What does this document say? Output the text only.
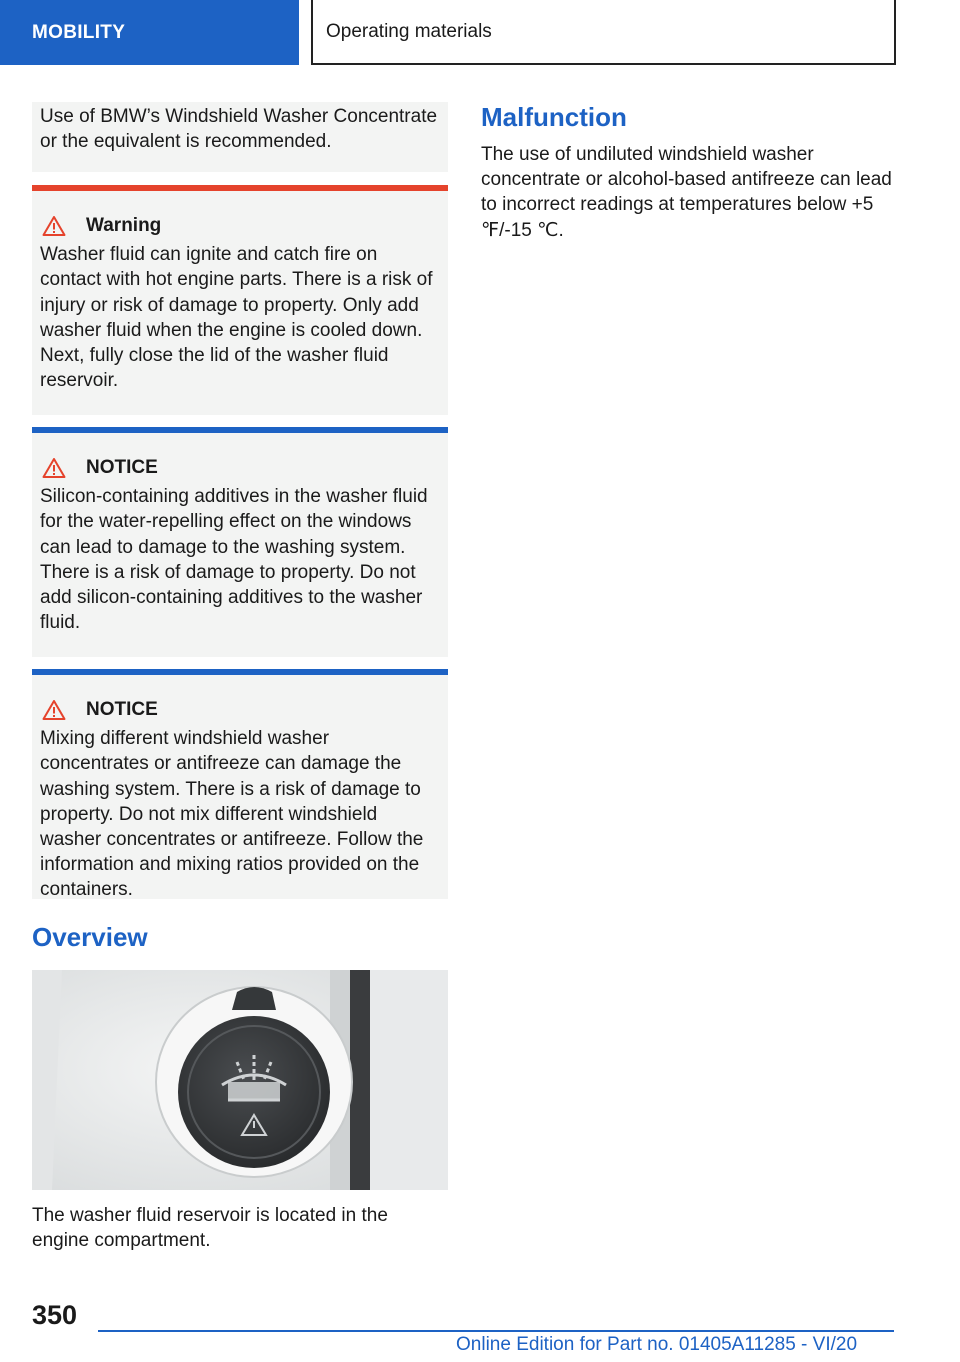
MOBILITY	Operating materials
Use of BMW’s Windshield Washer Concentrate or the equivalent is recommended.
Warning
Washer fluid can ignite and catch fire on contact with hot engine parts. There is a risk of injury or risk of damage to property. Only add washer fluid when the engine is cooled down. Next, fully close the lid of the washer fluid reservoir.
NOTICE
Silicon-containing additives in the washer fluid for the water-repelling effect on the windows can lead to damage to the washing system. There is a risk of damage to property. Do not add silicon-containing additives to the washer fluid.
NOTICE
Mixing different windshield washer concentrates or antifreeze can damage the washing system. There is a risk of damage to property. Do not mix different windshield washer concentrates or antifreeze. Follow the information and mixing ratios provided on the containers.
Overview
The washer fluid reservoir is located in the engine compartment.
Malfunction
The use of undiluted windshield washer concentrate or alcohol-based antifreeze can lead to incorrect readings at temperatures below +5 ℉/-15 ℃.
350
Online Edition for Part no. 01405A11285 - VI/20
